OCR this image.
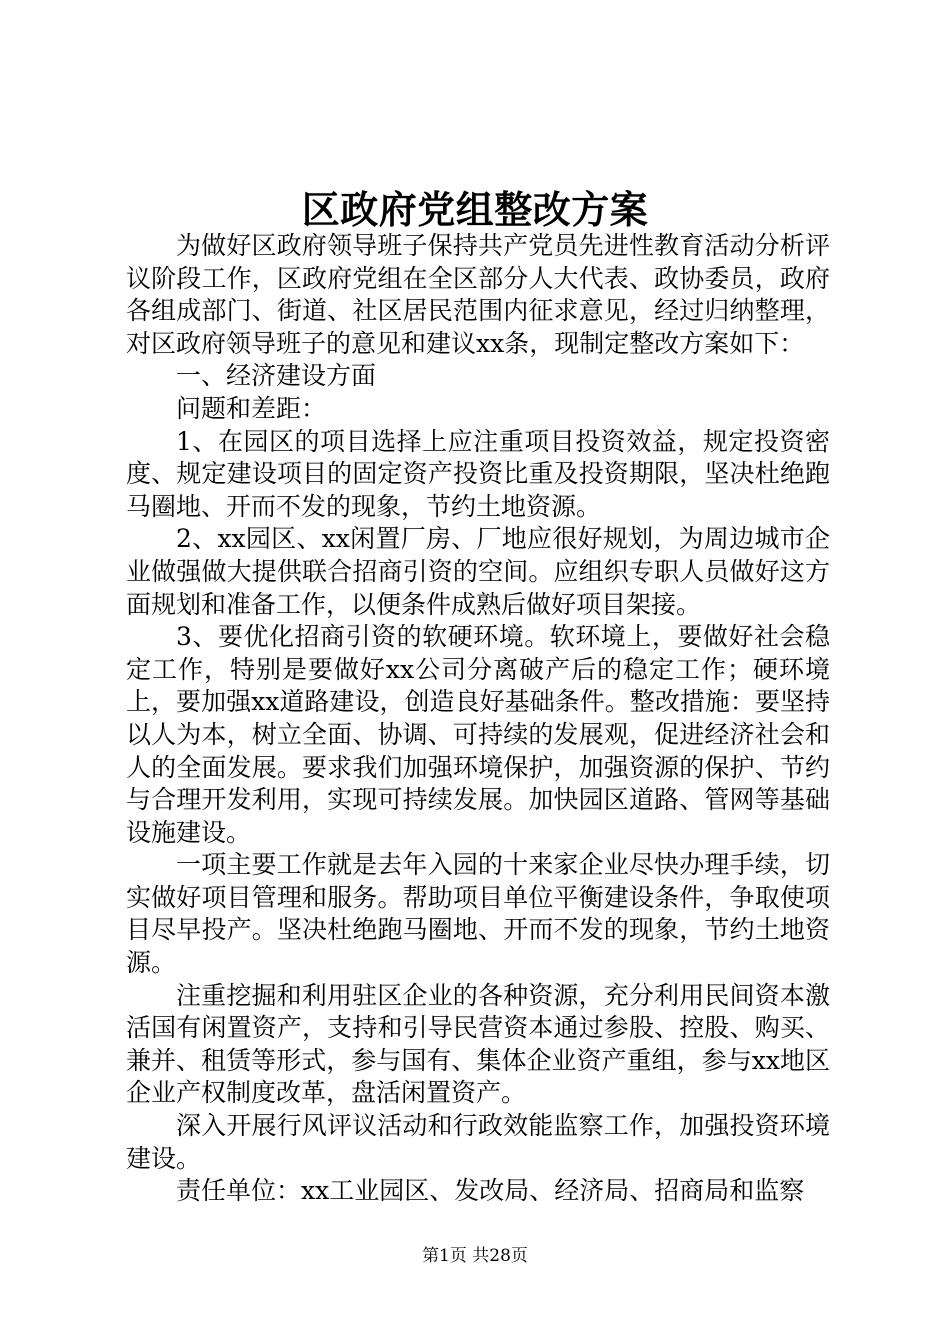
区政府党组整改方案

为做好区政府领导班子保持共产党员先进性教育活动分析评议阶段工作，区政府党组在全区部分人大代表、政协委员，政府各组成部门、街道、社区居民范围内征求意见，经过归纳整理，对区政府领导班子的意见和建议xx条，现制定整改方案如下：

一、经济建设方面

问题和差距：

1、在园区的项目选择上应注重项目投资效益，规定投资密度、规定建设项目的固定资产投资比重及投资期限，坚决杜绝跑马圈地、开而不发的现象，节约土地资源。

2、xx园区、xx闲置厂房、厂地应很好规划，为周边城市企业做强做大提供联合招商引资的空间。应组织专职人员做好这方面规划和准备工作，以便条件成熟后做好项目架接。

3、要优化招商引资的软硬环境。软环境上，要做好社会稳定工作，特别是要做好xx公司分离破产后的稳定工作；硬环境上，要加强xx道路建设，创造良好基础条件。整改措施：要坚持以人为本，树立全面、协调、可持续的发展观，促进经济社会和人的全面发展。要求我们加强环境保护，加强资源的保护、节约与合理开发利用，实现可持续发展。加快园区道路、管网等基础设施建设。

一项主要工作就是去年入园的十来家企业尽快办理手续，切实做好项目管理和服务。帮助项目单位平衡建设条件，争取使项目尽早投产。坚决杜绝跑马圈地、开而不发的现象，节约土地资源。

注重挖掘和利用驻区企业的各种资源，充分利用民间资本激活国有闲置资产，支持和引导民营资本通过参股、控股、购买、兼并、租赁等形式，参与国有、集体企业资产重组，参与xx地区企业产权制度改革，盘活闲置资产。

深入开展行风评议活动和行政效能监察工作，加强投资环境建设。

责任单位：xx工业园区、发改局、经济局、招商局和监察

第1页 共28页
